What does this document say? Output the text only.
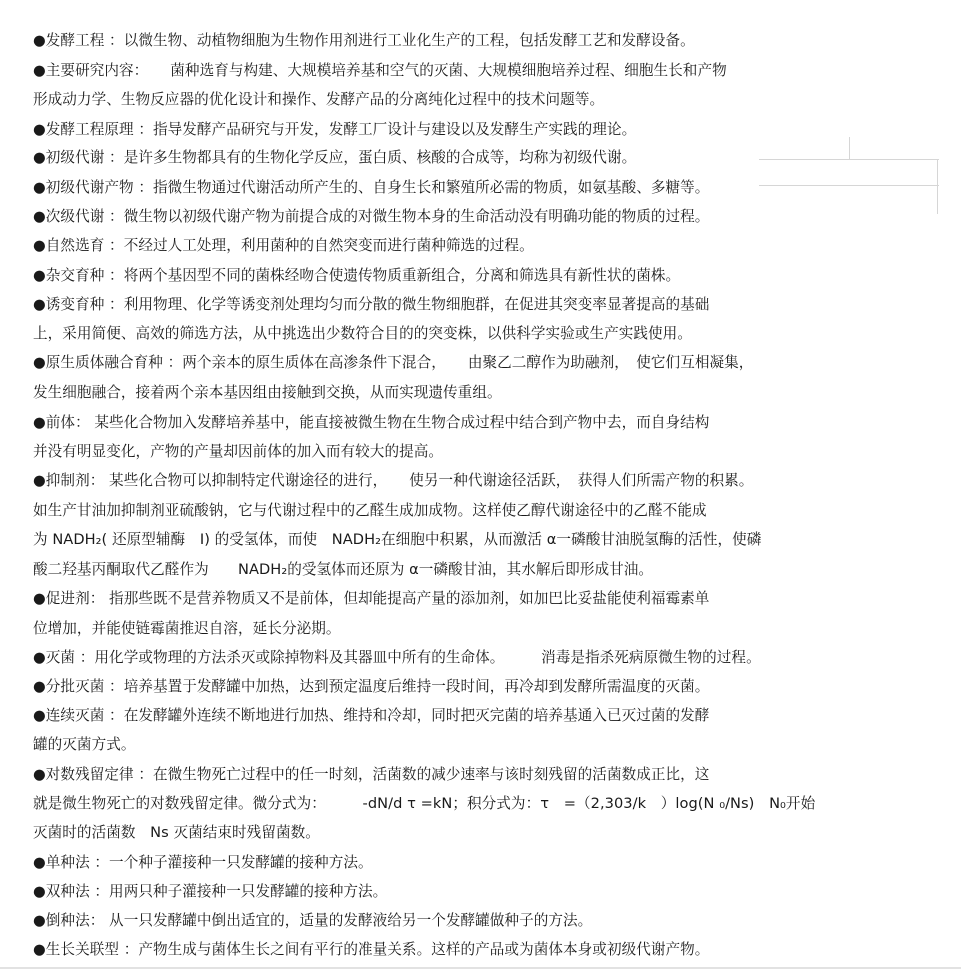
●发酵工程 ：以微生物、动植物细胞为生物作用剂进行工业化生产的工程，包括发酵工艺和发酵设备。
●主要研究内容：　　菌种选育与构建、大规模培养基和空气的灭菌、大规模细胞培养过程、细胞生长和产物
形成动力学、生物反应器的优化设计和操作、发酵产品的分离纯化过程中的技术问题等。
●发酵工程原理 ：指导发酵产品研究与开发，发酵工厂设计与建设以及发酵生产实践的理论。
●初级代谢 ：是许多生物都具有的生物化学反应，蛋白质、核酸的合成等，均称为初级代谢。
●初级代谢产物 ：指微生物通过代谢活动所产生的、自身生长和繁殖所必需的物质，如氨基酸、多糖等。
●次级代谢 ：微生物以初级代谢产物为前提合成的对微生物本身的生命活动没有明确功能的物质的过程。
●自然选育 ：不经过人工处理，利用菌种的自然突变而进行菌种筛选的过程。
●杂交育种 ：将两个基因型不同的菌株经吻合使遗传物质重新组合，分离和筛选具有新性状的菌株。
●诱变育种 ：利用物理、化学等诱变剂处理均匀而分散的微生物细胞群，在促进其突变率显著提高的基础
上，采用简便、高效的筛选方法，从中挑选出少数符合目的的突变株，以供科学实验或生产实践使用。
●原生质体融合育种 ：两个亲本的原生质体在高渗条件下混合，　　由聚乙二醇作为助融剂，　使它们互相凝集，
发生细胞融合，接着两个亲本基因组由接触到交换，从而实现遗传重组。
●前体： 某些化合物加入发酵培养基中，能直接被微生物在生物合成过程中结合到产物中去，而自身结构
并没有明显变化，产物的产量却因前体的加入而有较大的提高。
●抑制剂： 某些化合物可以抑制特定代谢途径的进行，　　使另一种代谢途径活跃，　获得人们所需产物的积累。
如生产甘油加抑制剂亚硫酸钠，它与代谢过程中的乙醛生成加成物。这样使乙醇代谢途径中的乙醛不能成
为 NADH₂( 还原型辅酶　I) 的受氢体，而使　NADH₂在细胞中积累，从而激活 α一磷酸甘油脱氢酶的活性，使磷
酸二羟基丙酮取代乙醛作为　　NADH₂的受氢体而还原为 α一磷酸甘油，其水解后即形成甘油。
●促进剂： 指那些既不是营养物质又不是前体，但却能提高产量的添加剂，如加巴比妥盐能使利福霉素单
位增加，并能使链霉菌推迟自溶，延长分泌期。
●灭菌 ：用化学或物理的方法杀灭或除掉物料及其器皿中所有的生命体。　　　消毒是指杀死病原微生物的过程。
●分批灭菌 ：培养基置于发酵罐中加热，达到预定温度后维持一段时间，再冷却到发酵所需温度的灭菌。
●连续灭菌 ：在发酵罐外连续不断地进行加热、维持和冷却，同时把灭完菌的培养基通入已灭过菌的发酵
罐的灭菌方式。
●对数残留定律 ：在微生物死亡过程中的任一时刻，活菌数的减少速率与该时刻残留的活菌数成正比，这
就是微生物死亡的对数残留定律。微分式为：　　　-dN/d τ =kN；积分式为：τ　=（2,303/k　）log(N ₀/Ns)　N₀开始
灭菌时的活菌数　Ns 灭菌结束时残留菌数。
●单种法 ：一个种子灌接种一只发酵罐的接种方法。
●双种法 ：用两只种子灌接种一只发酵罐的接种方法。
●倒种法： 从一只发酵罐中倒出适宜的，适量的发酵液给另一个发酵罐做种子的方法。
●生长关联型 ：产物生成与菌体生长之间有平行的准量关系。这样的产品或为菌体本身或初级代谢产物。
